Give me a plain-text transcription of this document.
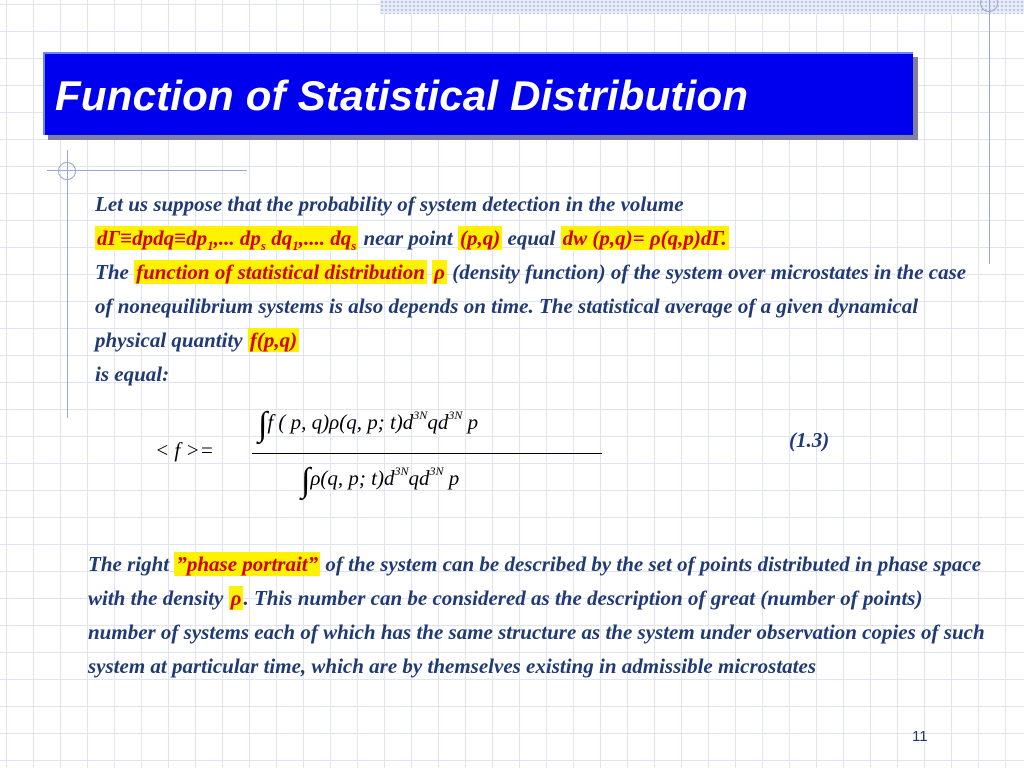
Function of Statistical Distribution
Let us suppose that the probability of system detection in the volume
$d\Gamma\equiv dpdq\equiv dp_1$,... $dp_s$ $dq_1$,.... $dq_s$ near point (p,q) equal dw (p,q)= ρ(q,p)dΓ.
The function of statistical distribution ρ (density function) of the system over microstates in the case of nonequilibrium systems is also depends on time. The statistical average of a given dynamical physical quantity f(p,q)
is equal:
< f >=
∫f ( p, q)ρ(q, p; $t)d^{3N}qd^{3N}$ p
∫ρ(q, p; $t)d^{3N}qd^{3N}$ p
(1.3)
The right ”phase portrait” of the system can be described by the set of points distributed in phase space with the density ρ. This number can be considered as the description of great (number of points) number of systems each of which has the same structure as the system under observation copies of such system at particular time, which are by themselves existing in admissible microstates
11
